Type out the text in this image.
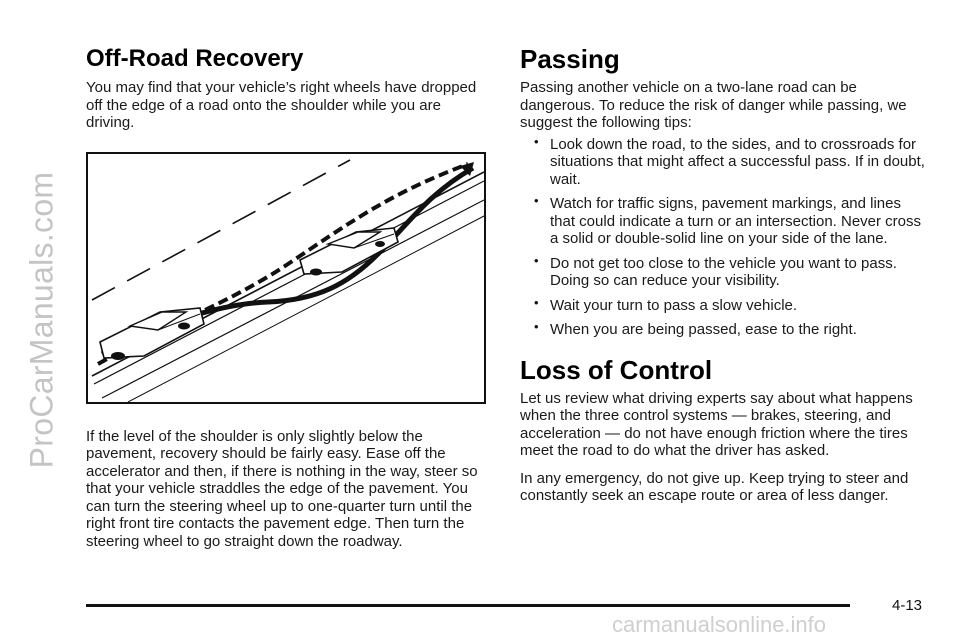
ProCarManuals.com
Off-Road Recovery

You may find that your vehicle’s right wheels have dropped off the edge of a road onto the shoulder while you are driving.

If the level of the shoulder is only slightly below the pavement, recovery should be fairly easy. Ease off the accelerator and then, if there is nothing in the way, steer so that your vehicle straddles the edge of the pavement. You can turn the steering wheel up to one-quarter turn until the right front tire contacts the pavement edge. Then turn the steering wheel to go straight down the roadway.

Passing

Passing another vehicle on a two-lane road can be dangerous. To reduce the risk of danger while passing, we suggest the following tips:

• Look down the road, to the sides, and to crossroads for situations that might affect a successful pass. If in doubt, wait.
• Watch for traffic signs, pavement markings, and lines that could indicate a turn or an intersection. Never cross a solid or double-solid line on your side of the lane.
• Do not get too close to the vehicle you want to pass. Doing so can reduce your visibility.
• Wait your turn to pass a slow vehicle.
• When you are being passed, ease to the right.
Loss of Control

Let us review what driving experts say about what happens when the three control systems — brakes, steering, and acceleration — do not have enough friction where the tires meet the road to do what the driver has asked.

In any emergency, do not give up. Keep trying to steer and constantly seek an escape route or area of less danger.

4-13
carmanualsonline.info
